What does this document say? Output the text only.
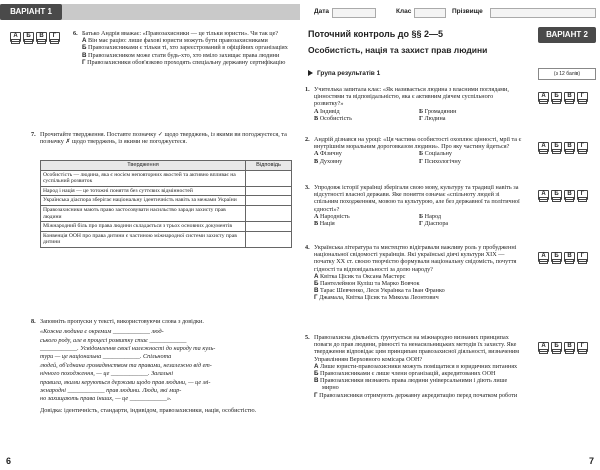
ВАРІАНТ 1
А	Б	В	Г	6. Батько Андрія вважає: «Правозахисники — це тільки юристи». Чи так це?
А Він має рацію: лише фахові юристи можуть бути правозахисниками
Б Правозахисниками є тільки ті, хто зареєстрований в офіційних організаціях
В Правозахисником може стати будь-хто, хто вміло захищає права людини
Г Правозахисники обов'язково проходять спеціальну державну сертифікацію
7. Прочитайте твердження. Поставте позначку ✓ щодо тверджень, із якими ви погоджуєтеся, та позначку ✗ щодо тверджень, із якими не погоджуєтеся.
Твердження	Відповідь
Особистість — людина, яка є носієм неповторних якостей та активно впливає на суспільний розвиток	
Народ і нація — це тотожні поняття без суттєвих відмінностей	
Українська діаспора зберігає національну ідентичність навіть за межами України	
Правозахисники мають право застосовувати насильство заради захисту прав людини	
Міжнародний біль про права людини складається з трьох основних документів	
Конвенція ООН про права дитини є частиною міжнародної системи захисту прав дитини	
8. Заповніть пропуски у тексті, використовуючи слова з довідки.
«Кожна людина є окремим ____________ люд-
ського роду, але в процесі розвитку стає ____________
____________. Усвідомлення своєї належності до народу та куль-
тури — це національна ____________. Спільнота
людей, об'єднана громадянством та правами, незалежно від ет-
нічного походження, — це ____________. Загальні
правила, якими керуються держави щодо прав людини, — це мі-
жнародні ____________ прав людини. Люди, які мир-
но захищають права інших, — це ____________».
Довідка: ідентичність, стандарти, індивідом, правозахисники, нація, особистістю.
6
Дата	Клас	Прізвище
ВАРІАНТ 2
Поточний контроль до §§ 2—5
Особистість, нація та захист прав людини
Група результатів 1	(з 12 балів)
1. Учителька запитала клас: «Як називається людина з власними поглядами, цінностями та відповідальністю, яка є активним діячем суспільного розвитку?»
А Індивід	Б Громадянин
В Особистість	Г Людина
А	Б	В	Г
2. Андрій дізнався на уроці: «Ця частина особистості охоплює цінності, мрії та є внутрішнім моральним дороговказом людини». Про яку частину йдеться?
А Фізичну	Б Соціальну
В Духовну	Г Психологічну
А	Б	В	Г
3. Упродовж історії українці зберігали свою мову, культуру та традиції навіть за відсутності власної держави. Яке поняття означає «спільноту людей зі спільним походженням, мовою та культурою, але без державної та політичної єдності»?
А Народність	Б Народ
В Нація	Г Діаспора
А	Б	В	Г
4. Українська література та мистецтво відігравали важливу роль у пробудженні національної свідомості українців. Які українські діячі культури XIX — початку XX ст. своєю творчістю формували національну свідомість, почуття гідності та відповідальності за долю народу?
А Квітка Цісик та Оксана Мастерс
Б Пантелеймон Куліш та Марко Вовчок
В Тарас Шевченко, Леся Українка та Іван Франко
Г Джамала, Квітка Цісик та Микола Леонтович
А	Б	В	Г
5. Правозахисна діяльність ґрунтується на міжнародно визнаних принципах поваги до прав людини, рівності та ненасильницьких методів їх захисту. Яке твердження відповідає цим принципам правозахисної діяльності, визначеним Управлінням Верховного комісара ООН?
А Лише юристи-правозахисники можуть поміщатися в юридичних питаннях
Б Правозахисниками є лише члени організацій, акредитованих ООН
В Правозахисники визнають права людини універсальними і діють лише мирно
Г Правозахисники отримують державну акредитацію перед початком роботи
А	Б	В	Г
7
